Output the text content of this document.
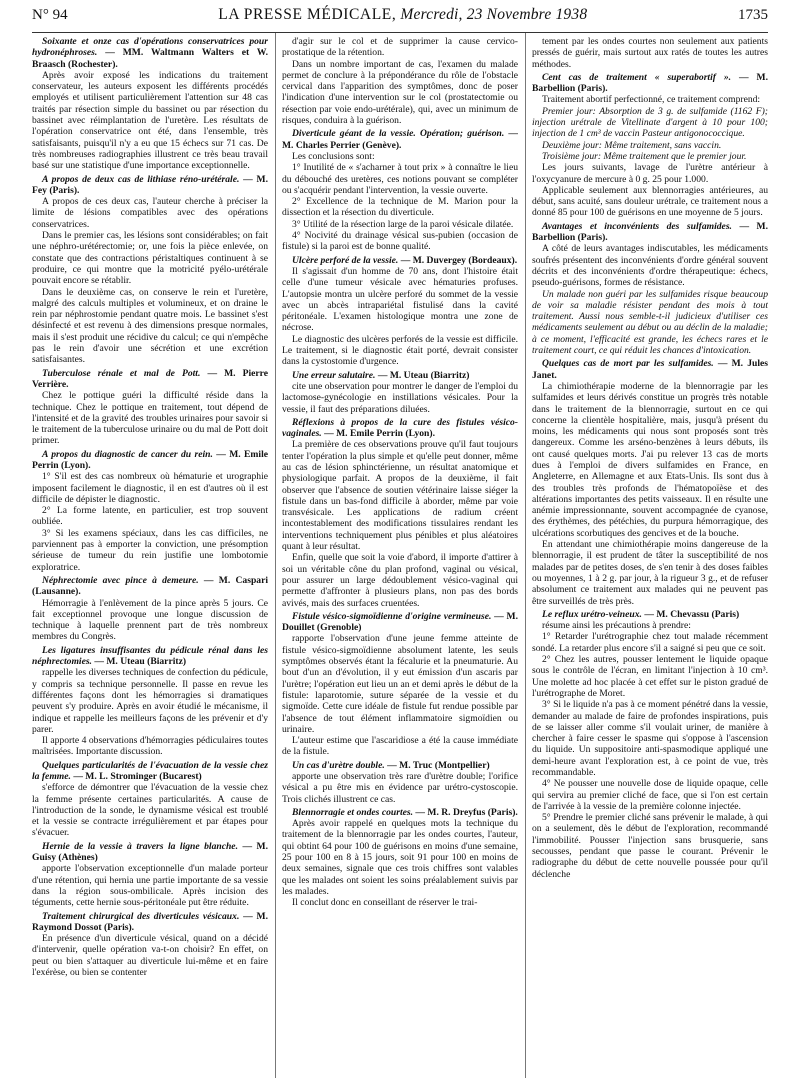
N° 94	LA PRESSE MÉDICALE, Mercredi, 23 Novembre 1938	1735
Soixante et onze cas d'opérations conservatrices pour hydronéphroses. — MM. Waltmann Walters et W. Braasch (Rochester).
Après avoir exposé les indications du traitement conservateur, les auteurs exposent les différents procédés employés et utilisent particulièrement l'attention sur 48 cas traités par résection simple du bassinet ou par résection du bassinet avec réimplantation de l'uretère. Les résultats de l'opération conservatrice ont été, dans l'ensemble, très satisfaisants, puisqu'il n'y a eu que 15 échecs sur 71 cas. De très nombreuses radiographies illustrent ce très beau travail basé sur une statistique d'une importance exceptionnelle.
A propos de deux cas de lithiase réno-urétérale. — M. Fey (Paris).
A propos de ces deux cas, l'auteur cherche à préciser la limite de lésions compatibles avec des opérations conservatrices.
Dans le premier cas, les lésions sont considérables; on fait une néphro-urétérectomie; or, une fois la pièce enlevée, on constate que des contractions péristaltiques continuent à se produire, ce qui montre que la motricité pyélo-urétérale pouvait encore se rétablir.
Dans le deuxième cas, on conserve le rein et l'uretère, malgré des calculs multiples et volumineux, et on draine le rein par néphrostomie pendant quatre mois. Le bassinet s'est désinfecté et est revenu à des dimensions presque normales, mais il s'est produit une récidive du calcul; ce qui n'empêche pas le rein d'avoir une sécrétion et une excrétion satisfaisantes.
Tuberculose rénale et mal de Pott. — M. Pierre Verrière.
Chez le pottique guéri la difficulté réside dans la technique. Chez le pottique en traitement, tout dépend de l'intensité et de la gravité des troubles urinaires pour savoir si le traitement de la tuberculose urinaire ou du mal de Pott doit primer.
A propos du diagnostic de cancer du rein. — M. Emile Perrin (Lyon).
1° S'il est des cas nombreux où hématurie et urographie imposent facilement le diagnostic, il en est d'autres où il est difficile de dépister le diagnostic.
2° La forme latente, en particulier, est trop souvent oubliée.
3° Si les examens spéciaux, dans les cas difficiles, ne parviennent pas à emporter la conviction, une présomption sérieuse de tumeur du rein justifie une lombotomie exploratrice.
Néphrectomie avec pince à demeure. — M. Caspari (Lausanne).
Hémorragie à l'enlèvement de la pince après 5 jours. Ce fait exceptionnel provoque une longue discussion de technique à laquelle prennent part de très nombreux membres du Congrès.
Les ligatures insuffisantes du pédicule rénal dans les néphrectomies. — M. Uteau (Biarritz)
rappelle les diverses techniques de confection du pédicule, y compris sa technique personnelle. Il passe en revue les différentes façons dont les hémorragies si dramatiques peuvent s'y produire. Après en avoir étudié le mécanisme, il indique et rappelle les meilleurs façons de les prévenir et d'y parer.
Il apporte 4 observations d'hémorragies pédiculaires toutes maîtrisées. Importante discussion.
Quelques particularités de l'évacuation de la vessie chez la femme. — M. L. Strominger (Bucarest)
s'efforce de démontrer que l'évacuation de la vessie chez la femme présente certaines particularités. A cause de l'introduction de la sonde, le dynamisme vésical est troublé et la vessie se contracte irrégulièrement et par étapes pour s'évacuer.
Hernie de la vessie à travers la ligne blanche. — M. Guisy (Athènes)
apporte l'observation exceptionnelle d'un malade porteur d'une rétention, qui hernia une partie importante de sa vessie dans la région sous-ombilicale. Après incision des téguments, cette hernie sous-péritonéale put être réduite.
Traitement chirurgical des diverticules vésicaux. — M. Raymond Dossot (Paris).
En présence d'un diverticule vésical, quand on a décidé d'intervenir, quelle opération va-t-on choisir? En effet, on peut ou bien s'attaquer au diverticule lui-même et en faire l'exérèse, ou bien se contenter
d'agir sur le col et de supprimer la cause cervico-prostatique de la rétention.
Dans un nombre important de cas, l'examen du malade permet de conclure à la prépondérance du rôle de l'obstacle cervical dans l'apparition des symptômes, donc de poser l'indication d'une intervention sur le col (prostatectomie ou résection par voie endo-urétérale), qui, avec un minimum de risques, conduira à la guérison.
Diverticule géant de la vessie. Opération; guérison. — M. Charles Perrier (Genève).
Les conclusions sont:
1° Inutilité de « s'acharner à tout prix » à connaître le lieu du débouché des uretères, ces notions pouvant se compléter ou s'acquérir pendant l'intervention, la vessie ouverte.
2° Excellence de la technique de M. Marion pour la dissection et la résection du diverticule.
3° Utilité de la résection large de la paroi vésicale dilatée.
4° Nocivité du drainage vésical sus-pubien (occasion de fistule) si la paroi est de bonne qualité.
Ulcère perforé de la vessie. — M. Duvergey (Bordeaux).
Il s'agissait d'un homme de 70 ans, dont l'histoire était celle d'une tumeur vésicale avec hématuries profuses. L'autopsie montra un ulcère perforé du sommet de la vessie avec un abcès intrapariétal fistulisé dans la cavité péritonéale. L'examen histologique montra une zone de nécrose.
Le diagnostic des ulcères perforés de la vessie est difficile. Le traitement, si le diagnostic était porté, devrait consister dans la cystostomie d'urgence.
Une erreur salutaire. — M. Uteau (Biarritz)
cite une observation pour montrer le danger de l'emploi du lactomose-gynécologie en instillations vésicales. Pour la vessie, il faut des préparations diluées.
Réflexions à propos de la cure des fistules vésico-vaginales. — M. Emile Perrin (Lyon).
La première de ces observations prouve qu'il faut toujours tenter l'opération la plus simple et qu'elle peut donner, même au cas de lésion sphinctérienne, un résultat anatomique et physiologique parfait. A propos de la deuxième, il fait observer que l'absence de soutien vétérinaire laisse siéger la fistule dans un bas-fond difficile à aborder, même par voie transvésicale. Les applications de radium créent incontestablement des modifications tissulaires rendant les interventions techniquement plus pénibles et plus aléatoires quant à leur résultat.
Enfin, quelle que soit la voie d'abord, il importe d'attirer à soi un véritable cône du plan profond, vaginal ou vésical, pour assurer un large dédoublement vésico-vaginal qui permette d'affronter à plusieurs plans, non pas des bords avivés, mais des surfaces cruentées.
Fistule vésico-sigmoïdienne d'origine vermineuse. — M. Douillet (Grenoble)
rapporte l'observation d'une jeune femme atteinte de fistule vésico-sigmoïdienne absolument latente, les seuls symptômes observés étant la fécalurie et la pneumaturie. Au bout d'un an d'évolution, il y eut émission d'un ascaris par l'urètre; l'opération eut lieu un an et demi après le début de la fistule: laparotomie, suture séparée de la vessie et du sigmoïde. Cette cure idéale de fistule fut rendue possible par l'absence de tout élément inflammatoire sigmoïdien ou urinaire.
L'auteur estime que l'ascaridiose a été la cause immédiate de la fistule.
Un cas d'urètre double. — M. Truc (Montpellier)
apporte une observation très rare d'urètre double; l'orifice vésical a pu être mis en évidence par urétro-cystoscopie. Trois clichés illustrent ce cas.
Blennorragie et ondes courtes. — M. R. Dreyfus (Paris).
Après avoir rappelé en quelques mots la technique du traitement de la blennorragie par les ondes courtes, l'auteur, qui obtint 64 pour 100 de guérisons en moins d'une semaine, 25 pour 100 en 8 à 15 jours, soit 91 pour 100 en moins de deux semaines, signale que ces trois chiffres sont valables que les malades ont soient les soins préalablement suivis par les malades.
Il conclut donc en conseillant de réserver le trai-
tement par les ondes courtes non seulement aux patients pressés de guérir, mais surtout aux ratés de toutes les autres méthodes.
Cent cas de traitement « superabortif ». — M. Barbellion (Paris).
Traitement abortif perfectionné, ce traitement comprend:
Premier jour: Absorption de 3 g. de sulfamide (1162 F); injection urétrale de Vitellinate d'argent à 10 pour 100; injection de 1 cm³ de vaccin Pasteur antigonococcique.
Deuxième jour: Même traitement, sans vaccin.
Troisième jour: Même traitement que le premier jour.
Les jours suivants, lavage de l'urètre antérieur à l'oxycyanure de mercure à 0 g. 25 pour 1.000.
Applicable seulement aux blennorragies antérieures, au début, sans acuité, sans douleur urétrale, ce traitement nous a donné 85 pour 100 de guérisons en une moyenne de 5 jours.
Avantages et inconvénients des sulfamides. — M. Barbellion (Paris).
A côté de leurs avantages indiscutables, les médicaments soufrés présentent des inconvénients d'ordre général souvent décrits et des inconvénients d'ordre thérapeutique: échecs, pseudo-guérisons, formes de résistance.
Un malade non guéri par les sulfamides risque beaucoup de voir sa maladie résister pendant des mois à tout traitement. Aussi nous semble-t-il judicieux d'utiliser ces médicaments seulement au début ou au déclin de la maladie; à ce moment, l'efficacité est grande, les échecs rares et le traitement court, ce qui réduit les chances d'intoxication.
Quelques cas de mort par les sulfamides. — M. Jules Janet.
La chimiothérapie moderne de la blennorragie par les sulfamides et leurs dérivés constitue un progrès très notable dans le traitement de la blennorragie, surtout en ce qui concerne la clientèle hospitalière, mais, jusqu'à présent du moins, les médicaments qui nous sont proposés sont très dangereux. Comme les arséno-benzènes à leurs débuts, ils ont causé quelques morts. J'ai pu relever 13 cas de morts dues à l'emploi de divers sulfamides en France, en Angleterre, en Allemagne et aux Etats-Unis. Ils sont dus à des troubles très profonds de l'hématopoïèse et des altérations importantes des petits vaisseaux. Il en résulte une anémie impressionnante, souvent accompagnée de cyanose, des érythèmes, des pétéchies, du purpura hémorragique, des ulcérations scorbutiques des gencives et de la bouche.
En attendant une chimiothérapie moins dangereuse de la blennorragie, il est prudent de tâter la susceptibilité de nos malades par de petites doses, de s'en tenir à des doses faibles ou moyennes, 1 à 2 g. par jour, à la rigueur 3 g., et de refuser absolument ce traitement aux malades qui ne peuvent pas être surveillés de très près.
Le reflux urétro-veineux. — M. Chevassu (Paris)
résume ainsi les précautions à prendre:
1° Retarder l'urétrographie chez tout malade récemment sondé. La retarder plus encore s'il a saigné si peu que ce soit.
2° Chez les autres, pousser lentement le liquide opaque sous le contrôle de l'écran, en limitant l'injection à 10 cm³. Une molette ad hoc placée à cet effet sur le piston gradué de l'urétrographe de Moret.
3° Si le liquide n'a pas à ce moment pénétré dans la vessie, demander au malade de faire de profondes inspirations, puis de se laisser aller comme s'il voulait uriner, de manière à chercher à faire cesser le spasme qui s'oppose à l'ascension du liquide. Un suppositoire anti-spasmodique appliqué une demi-heure avant l'exploration est, à ce point de vue, très recommandable.
4° Ne pousser une nouvelle dose de liquide opaque, celle qui servira au premier cliché de face, que si l'on est certain de l'arrivée à la vessie de la première colonne injectée.
5° Prendre le premier cliché sans prévenir le malade, à qui on a seulement, dès le début de l'exploration, recommandé l'immobilité. Pousser l'injection sans brusquerie, sans secousses, pendant que passe le courant. Prévenir le radiographe du début de cette nouvelle poussée pour qu'il déclenche
